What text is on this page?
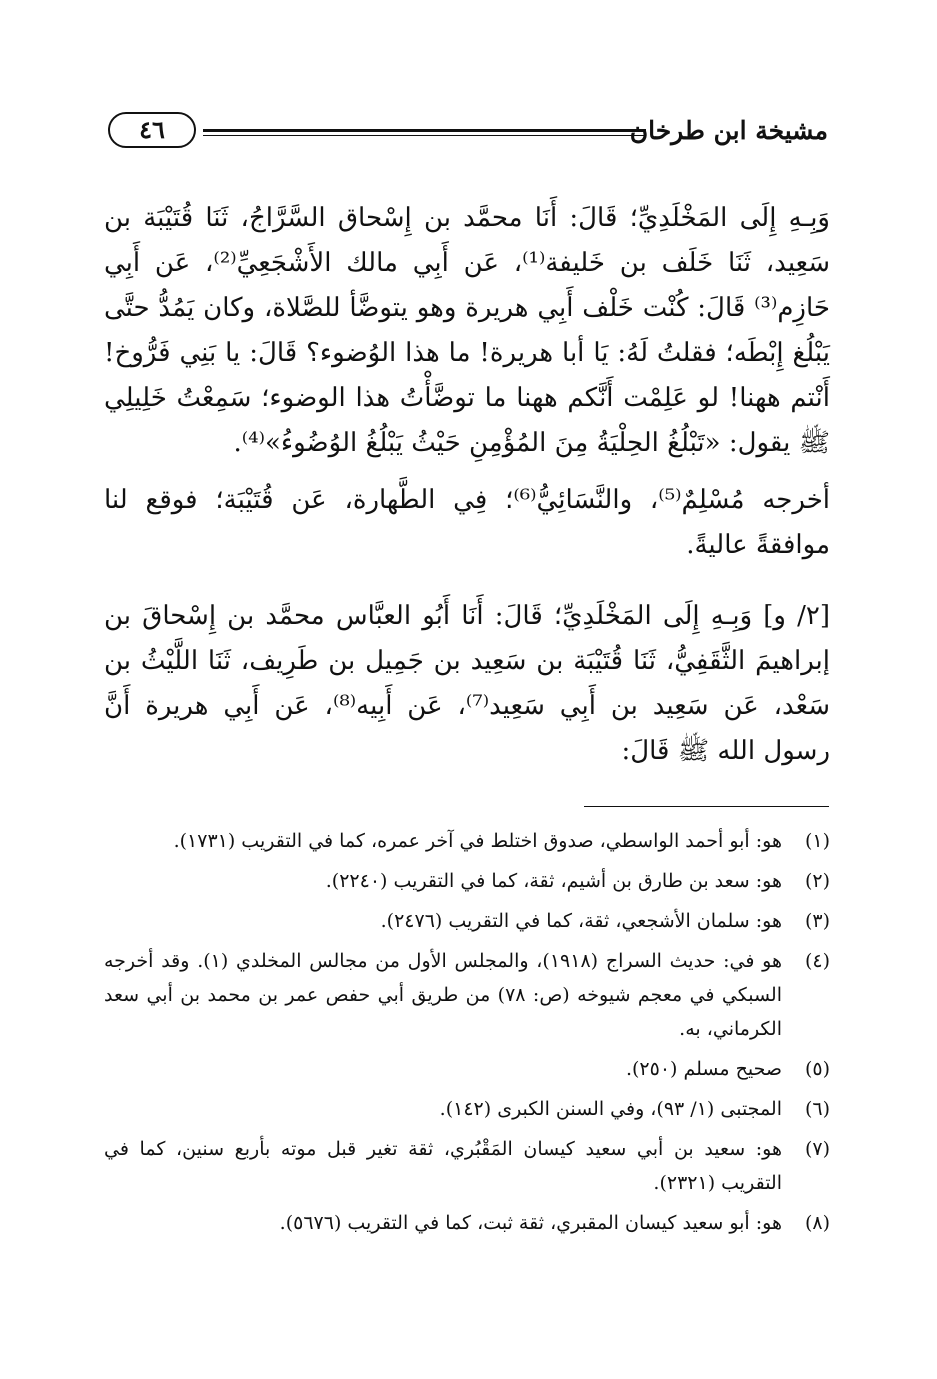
مشيخة ابن طرخان
٤٦

وَبِـهِ إِلَى المَخْلَدِيِّ؛ قَالَ: أَنَا محمَّد بن إِسْحاق السَّرَّاجُ، ثَنَا قُتَيْبَة بن سَعِيد، ثَنَا خَلَف بن خَليفة⁽¹⁾، عَن أَبِي مالك الأَشْجَعِيِّ⁽²⁾، عَن أَبِي حَازِم⁽³⁾ قَالَ: كُنْت خَلْف أَبِي هريرة وهو يتوضَّأ للصَّلاة، وكان يَمُدُّ حتَّى يَبْلُغ إِبْطَه؛ فقلتُ لَهُ: يَا أبا هريرة! ما هذا الوُضوء؟ قَالَ: يا بَنِي فَرُّوخ! أَنْتم ههنا! لو عَلِمْت أَنَّكم ههنا ما توضَّأْتُ هذا الوضوء؛ سَمِعْتُ خَلِيلِي ﷺ يقول: «تَبْلُغُ الحِلْيَةُ مِنَ المُؤْمِنِ حَيْثُ يَبْلُغُ الوُضُوءُ»⁽⁴⁾.

أخرجه مُسْلِمٌ⁽⁵⁾، والنَّسَائِيُّ⁽⁶⁾؛ فِي الطَّهارة، عَن قُتَيْبَة؛ فوقع لنا موافقةً عاليةً.

[٢/ و] وَبِـهِ إِلَى المَخْلَدِيِّ؛ قَالَ: أَنَا أَبُو العبَّاس محمَّد بن إِسْحاقَ بن إبراهيمَ الثَّقَفِيُّ، ثَنَا قُتَيْبَة بن سَعِيد بن جَمِيل بن طَرِيف، ثَنَا اللَّيْثُ بن سَعْد، عَن سَعِيد بن أَبِي سَعِيد⁽⁷⁾، عَن أَبِيه⁽⁸⁾، عَن أَبِي هريرة أَنَّ رسول الله ﷺ قَالَ:

(١)
هو: أبو أحمد الواسطي، صدوق اختلط في آخر عمره، كما في التقريب (١٧٣١).
(٢)
هو: سعد بن طارق بن أشيم، ثقة، كما في التقريب (٢٢٤٠).
(٣)
هو: سلمان الأشجعي، ثقة، كما في التقريب (٢٤٧٦).
(٤)
هو في: حديث السراج (١٩١٨)، والمجلس الأول من مجالس المخلدي (١). وقد أخرجه السبكي في معجم شيوخه (ص: ٧٨) من طريق أبي حفص عمر بن محمد بن أبي سعد الكرماني، به.
(٥)
صحيح مسلم (٢٥٠).
(٦)
المجتبى (١/ ٩٣)، وفي السنن الكبرى (١٤٢).
(٧)
هو: سعيد بن أبي سعيد كيسان المَقْبُري، ثقة تغير قبل موته بأربع سنين، كما في التقريب (٢٣٢١).
(٨)
هو: أبو سعيد كيسان المقبري، ثقة ثبت، كما في التقريب (٥٦٧٦).
